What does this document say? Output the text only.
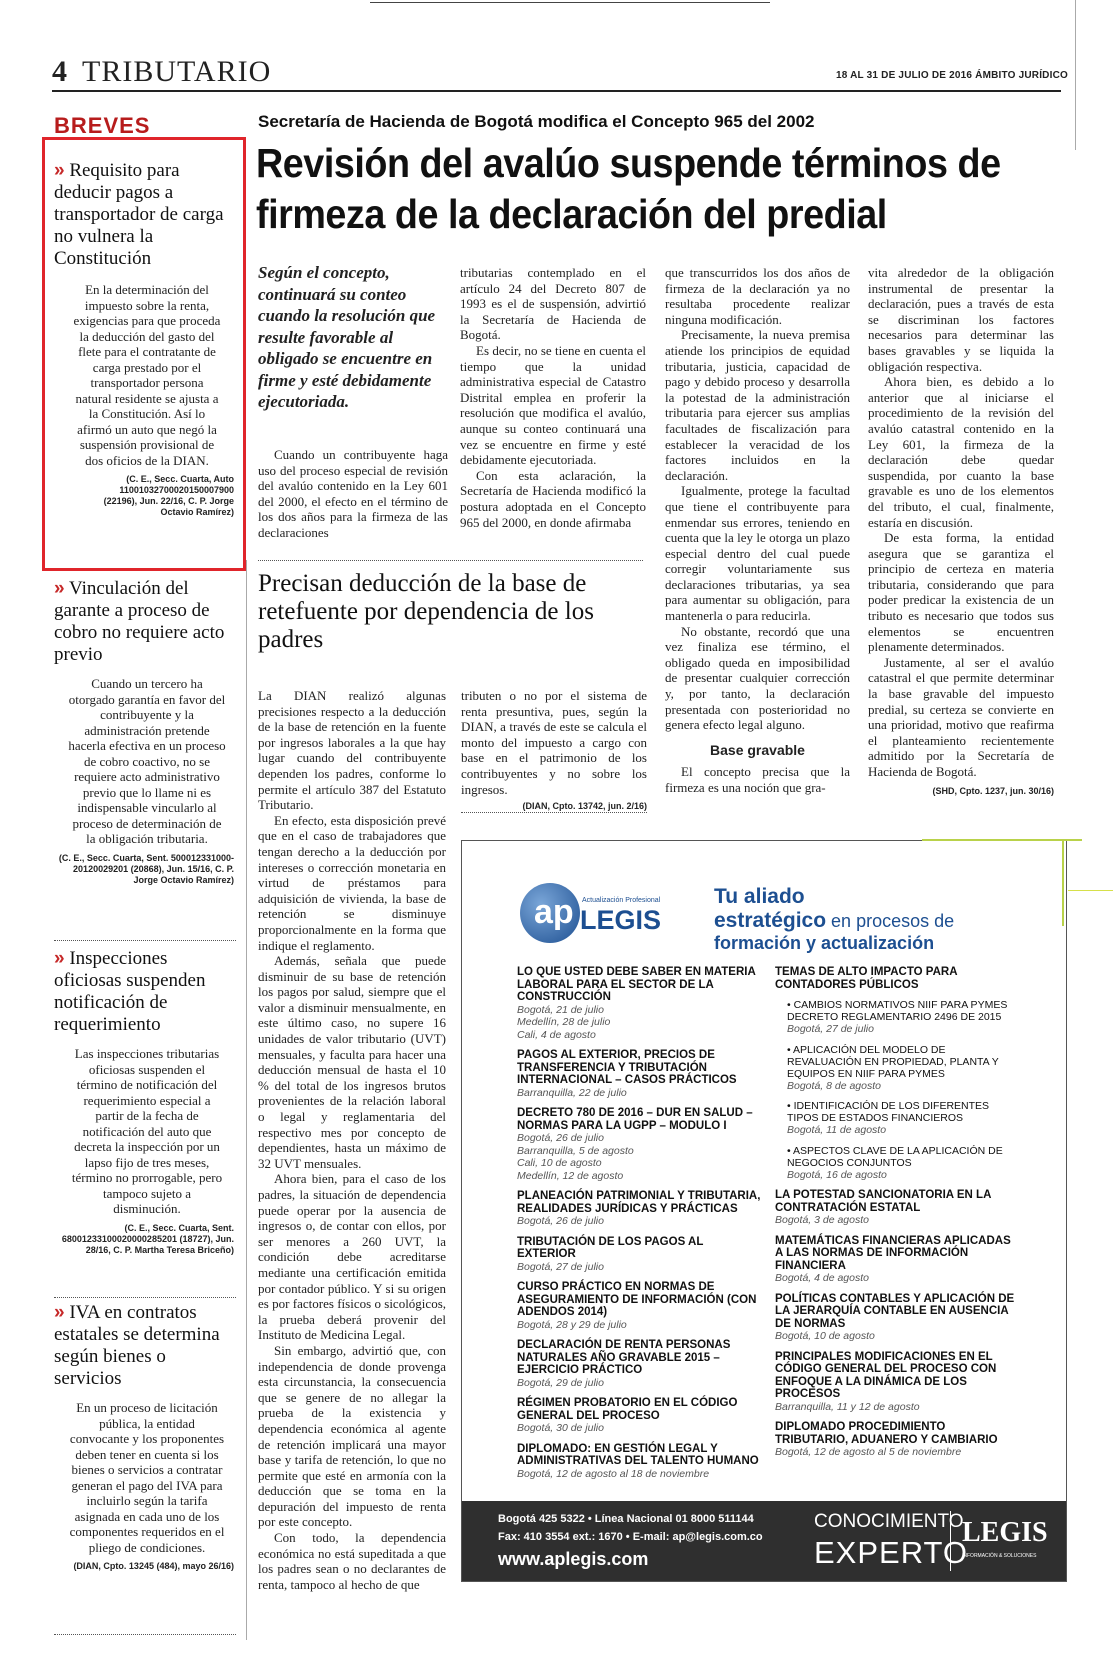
4 TRIBUTARIO	18 AL 31 DE JULIO DE 2016 ÁMBITO JURÍDICO
BREVES
» Requisito para deducir pagos a transportador de carga no vulnera la Constitución
En la determinación del impuesto sobre la renta, exigencias para que proceda la deducción del gasto del flete para el contratante de carga prestado por el transportador persona natural residente se ajusta a la Constitución. Así lo afirmó un auto que negó la suspensión provisional de dos oficios de la DIAN.
(C. E., Secc. Cuarta, Auto 11001032700020150007900 (22196), Jun. 22/16, C. P. Jorge Octavio Ramírez)
» Vinculación del garante a proceso de cobro no requiere acto previo
Cuando un tercero ha otorgado garantía en favor del contribuyente y la administración pretende hacerla efectiva en un proceso de cobro coactivo, no se requiere acto administrativo previo que lo llame ni es indispensable vincularlo al proceso de determinación de la obligación tributaria.
(C. E., Secc. Cuarta, Sent. 500012331000-20120029201 (20868), Jun. 15/16, C. P. Jorge Octavio Ramírez)
» Inspecciones oficiosas suspenden notificación de requerimiento
Las inspecciones tributarias oficiosas suspenden el término de notificación del requerimiento especial a partir de la fecha de notificación del auto que decreta la inspección por un lapso fijo de tres meses, término no prorrogable, pero tampoco sujeto a disminución.
(C. E., Secc. Cuarta, Sent. 68001233100020000285201 (18727), Jun. 28/16, C. P. Martha Teresa Briceño)
» IVA en contratos estatales se determina según bienes o servicios
En un proceso de licitación pública, la entidad convocante y los proponentes deben tener en cuenta si los bienes o servicios a contratar generan el pago del IVA para incluirlo según la tarifa asignada en cada uno de los componentes requeridos en el pliego de condiciones.
(DIAN, Cpto. 13245 (484), mayo 26/16)
Secretaría de Hacienda de Bogotá modifica el Concepto 965 del 2002
Revisión del avalúo suspende términos de firmeza de la declaración del predial
Según el concepto, continuará su conteo cuando la resolución que resulte favorable al obligado se encuentre en firme y esté debidamente ejecutoriada.

Cuando un contribuyente haga uso del proceso especial de revisión del avalúo contenido en la Ley 601 del 2000, el efecto en el término de los dos años para la firmeza de las declaraciones

tributarias contemplado en el artículo 24 del Decreto 807 de 1993 es el de suspensión, advirtió la Secretaría de Hacienda de Bogotá.

Es decir, no se tiene en cuenta el tiempo que la unidad administrativa especial de Catastro Distrital emplea en proferir la resolución que modifica el avalúo, aunque su conteo continuará una vez se encuentre en firme y esté debidamente ejecutoriada.

Con esta aclaración, la Secretaría de Hacienda modificó la postura adoptada en el Concepto 965 del 2000, en donde afirmaba

que transcurridos los dos años de firmeza de la declaración ya no resultaba procedente realizar ninguna modificación.

Precisamente, la nueva premisa atiende los principios de equidad tributaria, justicia, capacidad de pago y debido proceso y desarrolla la potestad de la administración tributaria para ejercer sus amplias facultades de fiscalización para establecer la veracidad de los factores incluidos en la declaración.

Igualmente, protege la facultad que tiene el contribuyente para enmendar sus errores, teniendo en cuenta que la ley le otorga un plazo especial dentro del cual puede corregir voluntariamente sus declaraciones tributarias, ya sea para aumentar su obligación, para mantenerla o para reducirla.

No obstante, recordó que una vez finaliza ese término, el obligado queda en imposibilidad de presentar cualquier corrección y, por tanto, la declaración presentada con posterioridad no genera efecto legal alguno.

Base gravable

El concepto precisa que la firmeza es una noción que gra-

vita alrededor de la obligación instrumental de presentar la declaración, pues a través de esta se discriminan los factores necesarios para determinar las bases gravables y se liquida la obligación respectiva.

Ahora bien, es debido a lo anterior que al iniciarse el procedimiento de la revisión del avalúo catastral contenido en la Ley 601, la firmeza de la declaración debe quedar suspendida, por cuanto la base gravable es uno de los elementos del tributo, el cual, finalmente, estaría en discusión.

De esta forma, la entidad asegura que se garantiza el principio de certeza en materia tributaria, considerando que para poder predicar la existencia de un tributo es necesario que todos sus elementos se encuentren plenamente determinados.

Justamente, al ser el avalúo catastral el que permite determinar la base gravable del impuesto predial, su certeza se convierte en una prioridad, motivo que reafirma el planteamiento recientemente admitido por la Secretaría de Hacienda de Bogotá.

(SHD, Cpto. 1237, jun. 30/16)
Precisan deducción de la base de retefuente por dependencia de los padres

La DIAN realizó algunas precisiones respecto a la deducción de la base de retención en la fuente por ingresos laborales a la que hay lugar cuando del contribuyente dependen los padres, conforme lo permite el artículo 387 del Estatuto Tributario.

En efecto, esta disposición prevé que en el caso de trabajadores que tengan derecho a la deducción por intereses o corrección monetaria en virtud de préstamos para adquisición de vivienda, la base de retención se disminuye proporcionalmente en la forma que indique el reglamento.

Además, señala que puede disminuir de su base de retención los pagos por salud, siempre que el valor a disminuir mensualmente, en este último caso, no supere 16 unidades de valor tributario (UVT) mensuales, y faculta para hacer una deducción mensual de hasta el 10 % del total de los ingresos brutos provenientes de la relación laboral o legal y reglamentaria del respectivo mes por concepto de dependientes, hasta un máximo de 32 UVT mensuales.

Ahora bien, para el caso de los padres, la situación de dependencia puede operar por la ausencia de ingresos o, de contar con ellos, por ser menores a 260 UVT, la condición debe acreditarse mediante una certificación emitida por contador público. Y si su origen es por factores físicos o sicológicos, la prueba deberá provenir del Instituto de Medicina Legal.

Sin embargo, advirtió que, con independencia de donde provenga esta circunstancia, la consecuencia que se genere de no allegar la prueba de la existencia y dependencia económica al agente de retención implicará una mayor base y tarifa de retención, lo que no permite que esté en armonía con la deducción que se toma en la depuración del impuesto de renta por este concepto.

Con todo, la dependencia económica no está supeditada a que los padres sean o no declarantes de renta, tampoco al hecho de que

tributen o no por el sistema de renta presuntiva, pues, según la DIAN, a través de este se calcula el monto del impuesto a cargo con base en el patrimonio de los contribuyentes y no sobre los ingresos.

(DIAN, Cpto. 13742, jun. 2/16)
ap Actualización Profesional
LEGIS
Tu aliado
estratégico en procesos de
formación y actualización
LO QUE USTED DEBE SABER EN MATERIA LABORAL PARA EL SECTOR DE LA CONSTRUCCIÓN
Bogotá, 21 de julio
Medellín, 28 de julio
Cali, 4 de agosto
PAGOS AL EXTERIOR, PRECIOS DE TRANSFERENCIA Y TRIBUTACIÓN INTERNACIONAL – CASOS PRÁCTICOS
Barranquilla, 22 de julio
DECRETO 780 DE 2016 – DUR EN SALUD – NORMAS PARA LA UGPP – MODULO I
Bogotá, 26 de julio
Barranquilla, 5 de agosto
Cali, 10 de agosto
Medellín, 12 de agosto
PLANEACIÓN PATRIMONIAL Y TRIBUTARIA, REALIDADES JURÍDICAS Y PRÁCTICAS
Bogotá, 26 de julio
TRIBUTACIÓN DE LOS PAGOS AL EXTERIOR
Bogotá, 27 de julio
CURSO PRÁCTICO EN NORMAS DE ASEGURAMIENTO DE INFORMACIÓN (CON ADENDOS 2014)
Bogotá, 28 y 29 de julio
DECLARACIÓN DE RENTA PERSONAS NATURALES AÑO GRAVABLE 2015 – EJERCICIO PRÁCTICO
Bogotá, 29 de julio
RÉGIMEN PROBATORIO EN EL CÓDIGO GENERAL DEL PROCESO
Bogotá, 30 de julio
DIPLOMADO: EN GESTIÓN LEGAL Y ADMINISTRATIVAS DEL TALENTO HUMANO
Bogotá, 12 de agosto al 18 de noviembre
TEMAS DE ALTO IMPACTO PARA CONTADORES PÚBLICOS
• CAMBIOS NORMATIVOS NIIF PARA PYMES DECRETO REGLAMENTARIO 2496 DE 2015
Bogotá, 27 de julio
• APLICACIÓN DEL MODELO DE REVALUACIÓN EN PROPIEDAD, PLANTA Y EQUIPOS EN NIIF PARA PYMES
Bogotá, 8 de agosto
• IDENTIFICACIÓN DE LOS DIFERENTES TIPOS DE ESTADOS FINANCIEROS
Bogotá, 11 de agosto
• ASPECTOS CLAVE DE LA APLICACIÓN DE NEGOCIOS CONJUNTOS
Bogotá, 16 de agosto
LA POTESTAD SANCIONATORIA EN LA CONTRATACIÓN ESTATAL
Bogotá, 3 de agosto
MATEMÁTICAS FINANCIERAS APLICADAS A LAS NORMAS DE INFORMACIÓN FINANCIERA
Bogotá, 4 de agosto
POLÍTICAS CONTABLES Y APLICACIÓN DE LA JERARQUÍA CONTABLE EN AUSENCIA DE NORMAS
Bogotá, 10 de agosto
PRINCIPALES MODIFICACIONES EN EL CÓDIGO GENERAL DEL PROCESO CON ENFOQUE A LA DINÁMICA DE LOS PROCESOS
Barranquilla, 11 y 12 de agosto
DIPLOMADO PROCEDIMIENTO TRIBUTARIO, ADUANERO Y CAMBIARIO
Bogotá, 12 de agosto al 5 de noviembre
Bogotá 425 5322 • Línea Nacional 01 8000 511144
Fax: 410 3554 ext.: 1670 • E-mail: ap@legis.com.co
www.aplegis.com
CONOCIMIENTO
EXPERTO
LEGIS
INFORMACIÓN & SOLUCIONES
